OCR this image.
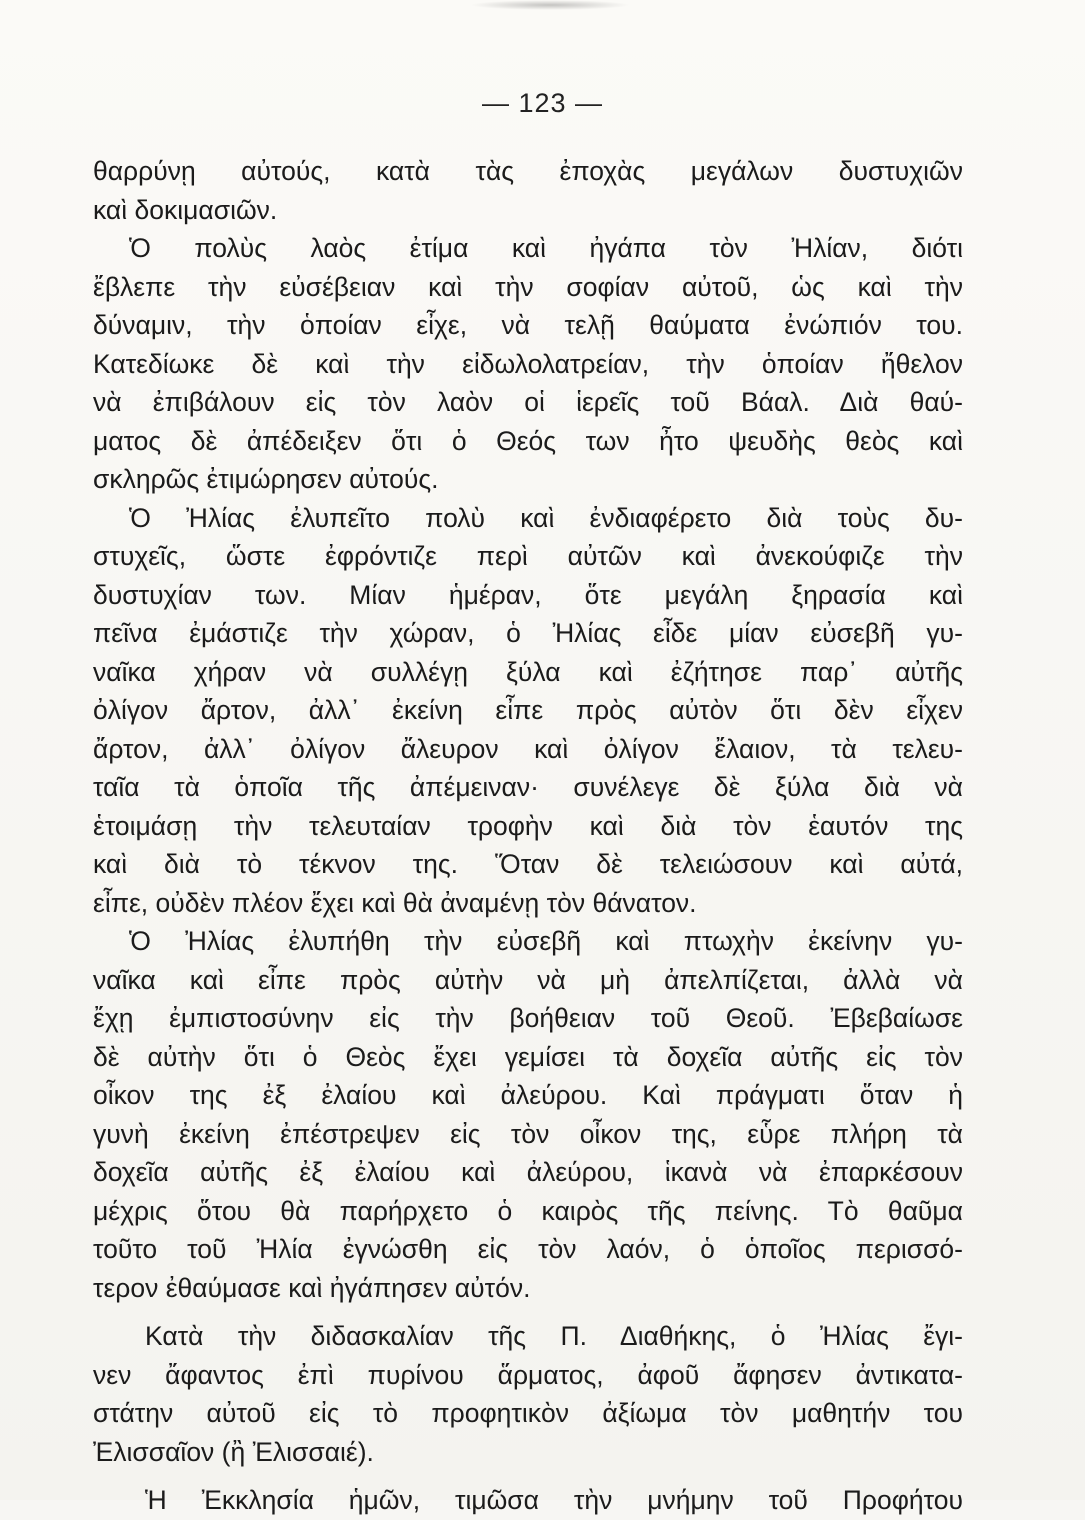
— 123 —
θαρρύνῃ αὐτούς, κατὰ τὰς ἐποχὰς μεγάλων δυστυχιῶν
καὶ δοκιμασιῶν.
Ὁ πολὺς λαὸς ἐτίμα καὶ ἠγάπα τὸν Ἠλίαν, διότι
ἔβλεπε τὴν εὐσέβειαν καὶ τὴν σοφίαν αὐτοῦ, ὡς καὶ τὴν
δύναμιν, τὴν ὁποίαν εἶχε, νὰ τελῇ θαύματα ἐνώπιόν του.
Κατεδίωκε δὲ καὶ τὴν εἰδωλολατρείαν, τὴν ὁποίαν ἤθελον
νὰ ἐπιβάλουν εἰς τὸν λαὸν οἱ ἱερεῖς τοῦ Βάαλ. Διὰ θαύ-
ματος δὲ ἀπέδειξεν ὅτι ὁ Θεός των ἦτο ψευδὴς θεὸς καὶ
σκληρῶς ἐτιμώρησεν αὐτούς.
Ὁ Ἠλίας ἐλυπεῖτο πολὺ καὶ ἐνδιαφέρετο διὰ τοὺς δυ-
στυχεῖς, ὥστε ἐφρόντιζε περὶ αὐτῶν καὶ ἀνεκούφιζε τὴν
δυστυχίαν των. Μίαν ἡμέραν, ὅτε μεγάλη ξηρασία καὶ
πεῖνα ἐμάστιζε τὴν χώραν, ὁ Ἠλίας εἶδε μίαν εὐσεβῆ γυ-
ναῖκα χήραν νὰ συλλέγῃ ξύλα καὶ ἐζήτησε παρ᾿ αὐτῆς
ὀλίγον ἄρτον, ἀλλ᾿ ἐκείνη εἶπε πρὸς αὐτὸν ὅτι δὲν εἶχεν
ἄρτον, ἀλλ᾿ ὀλίγον ἄλευρον καὶ ὀλίγον ἔλαιον, τὰ τελευ-
ταῖα τὰ ὁποῖα τῆς ἀπέμειναν· συνέλεγε δὲ ξύλα διὰ νὰ
ἑτοιμάσῃ τὴν τελευταίαν τροφὴν καὶ διὰ τὸν ἑαυτόν της
καὶ διὰ τὸ τέκνον της. Ὅταν δὲ τελειώσουν καὶ αὐτά,
εἶπε, οὐδὲν πλέον ἔχει καὶ θὰ ἀναμένῃ τὸν θάνατον.
Ὁ Ἠλίας ἐλυπήθη τὴν εὐσεβῆ καὶ πτωχὴν ἐκείνην γυ-
ναῖκα καὶ εἶπε πρὸς αὐτὴν νὰ μὴ ἀπελπίζεται, ἀλλὰ νὰ
ἔχῃ ἐμπιστοσύνην εἰς τὴν βοήθειαν τοῦ Θεοῦ. Ἐβεβαίωσε
δὲ αὐτὴν ὅτι ὁ Θεὸς ἔχει γεμίσει τὰ δοχεῖα αὐτῆς εἰς τὸν
οἶκον της ἐξ ἐλαίου καὶ ἀλεύρου. Καὶ πράγματι ὅταν ἡ
γυνὴ ἐκείνη ἐπέστρεψεν εἰς τὸν οἶκον της, εὗρε πλήρη τὰ
δοχεῖα αὐτῆς ἐξ ἐλαίου καὶ ἀλεύρου, ἱκανὰ νὰ ἐπαρκέσουν
μέχρις ὅτου θὰ παρήρχετο ὁ καιρὸς τῆς πείνης. Τὸ θαῦμα
τοῦτο τοῦ Ἠλία ἐγνώσθη εἰς τὸν λαόν, ὁ ὁποῖος περισσό-
τερον ἐθαύμασε καὶ ἠγάπησεν αὐτόν.
Κατὰ τὴν διδασκαλίαν τῆς Π. Διαθήκης, ὁ Ἠλίας ἔγι-
νεν ἄφαντος ἐπὶ πυρίνου ἅρματος, ἀφοῦ ἄφησεν ἀντικατα-
στάτην αὐτοῦ εἰς τὸ προφητικὸν ἀξίωμα τὸν μαθητήν του
Ἐλισσαῖον (ἢ Ἐλισσαιέ).
Ἡ Ἐκκλησία ἡμῶν, τιμῶσα τὴν μνήμην τοῦ Προφήτου
